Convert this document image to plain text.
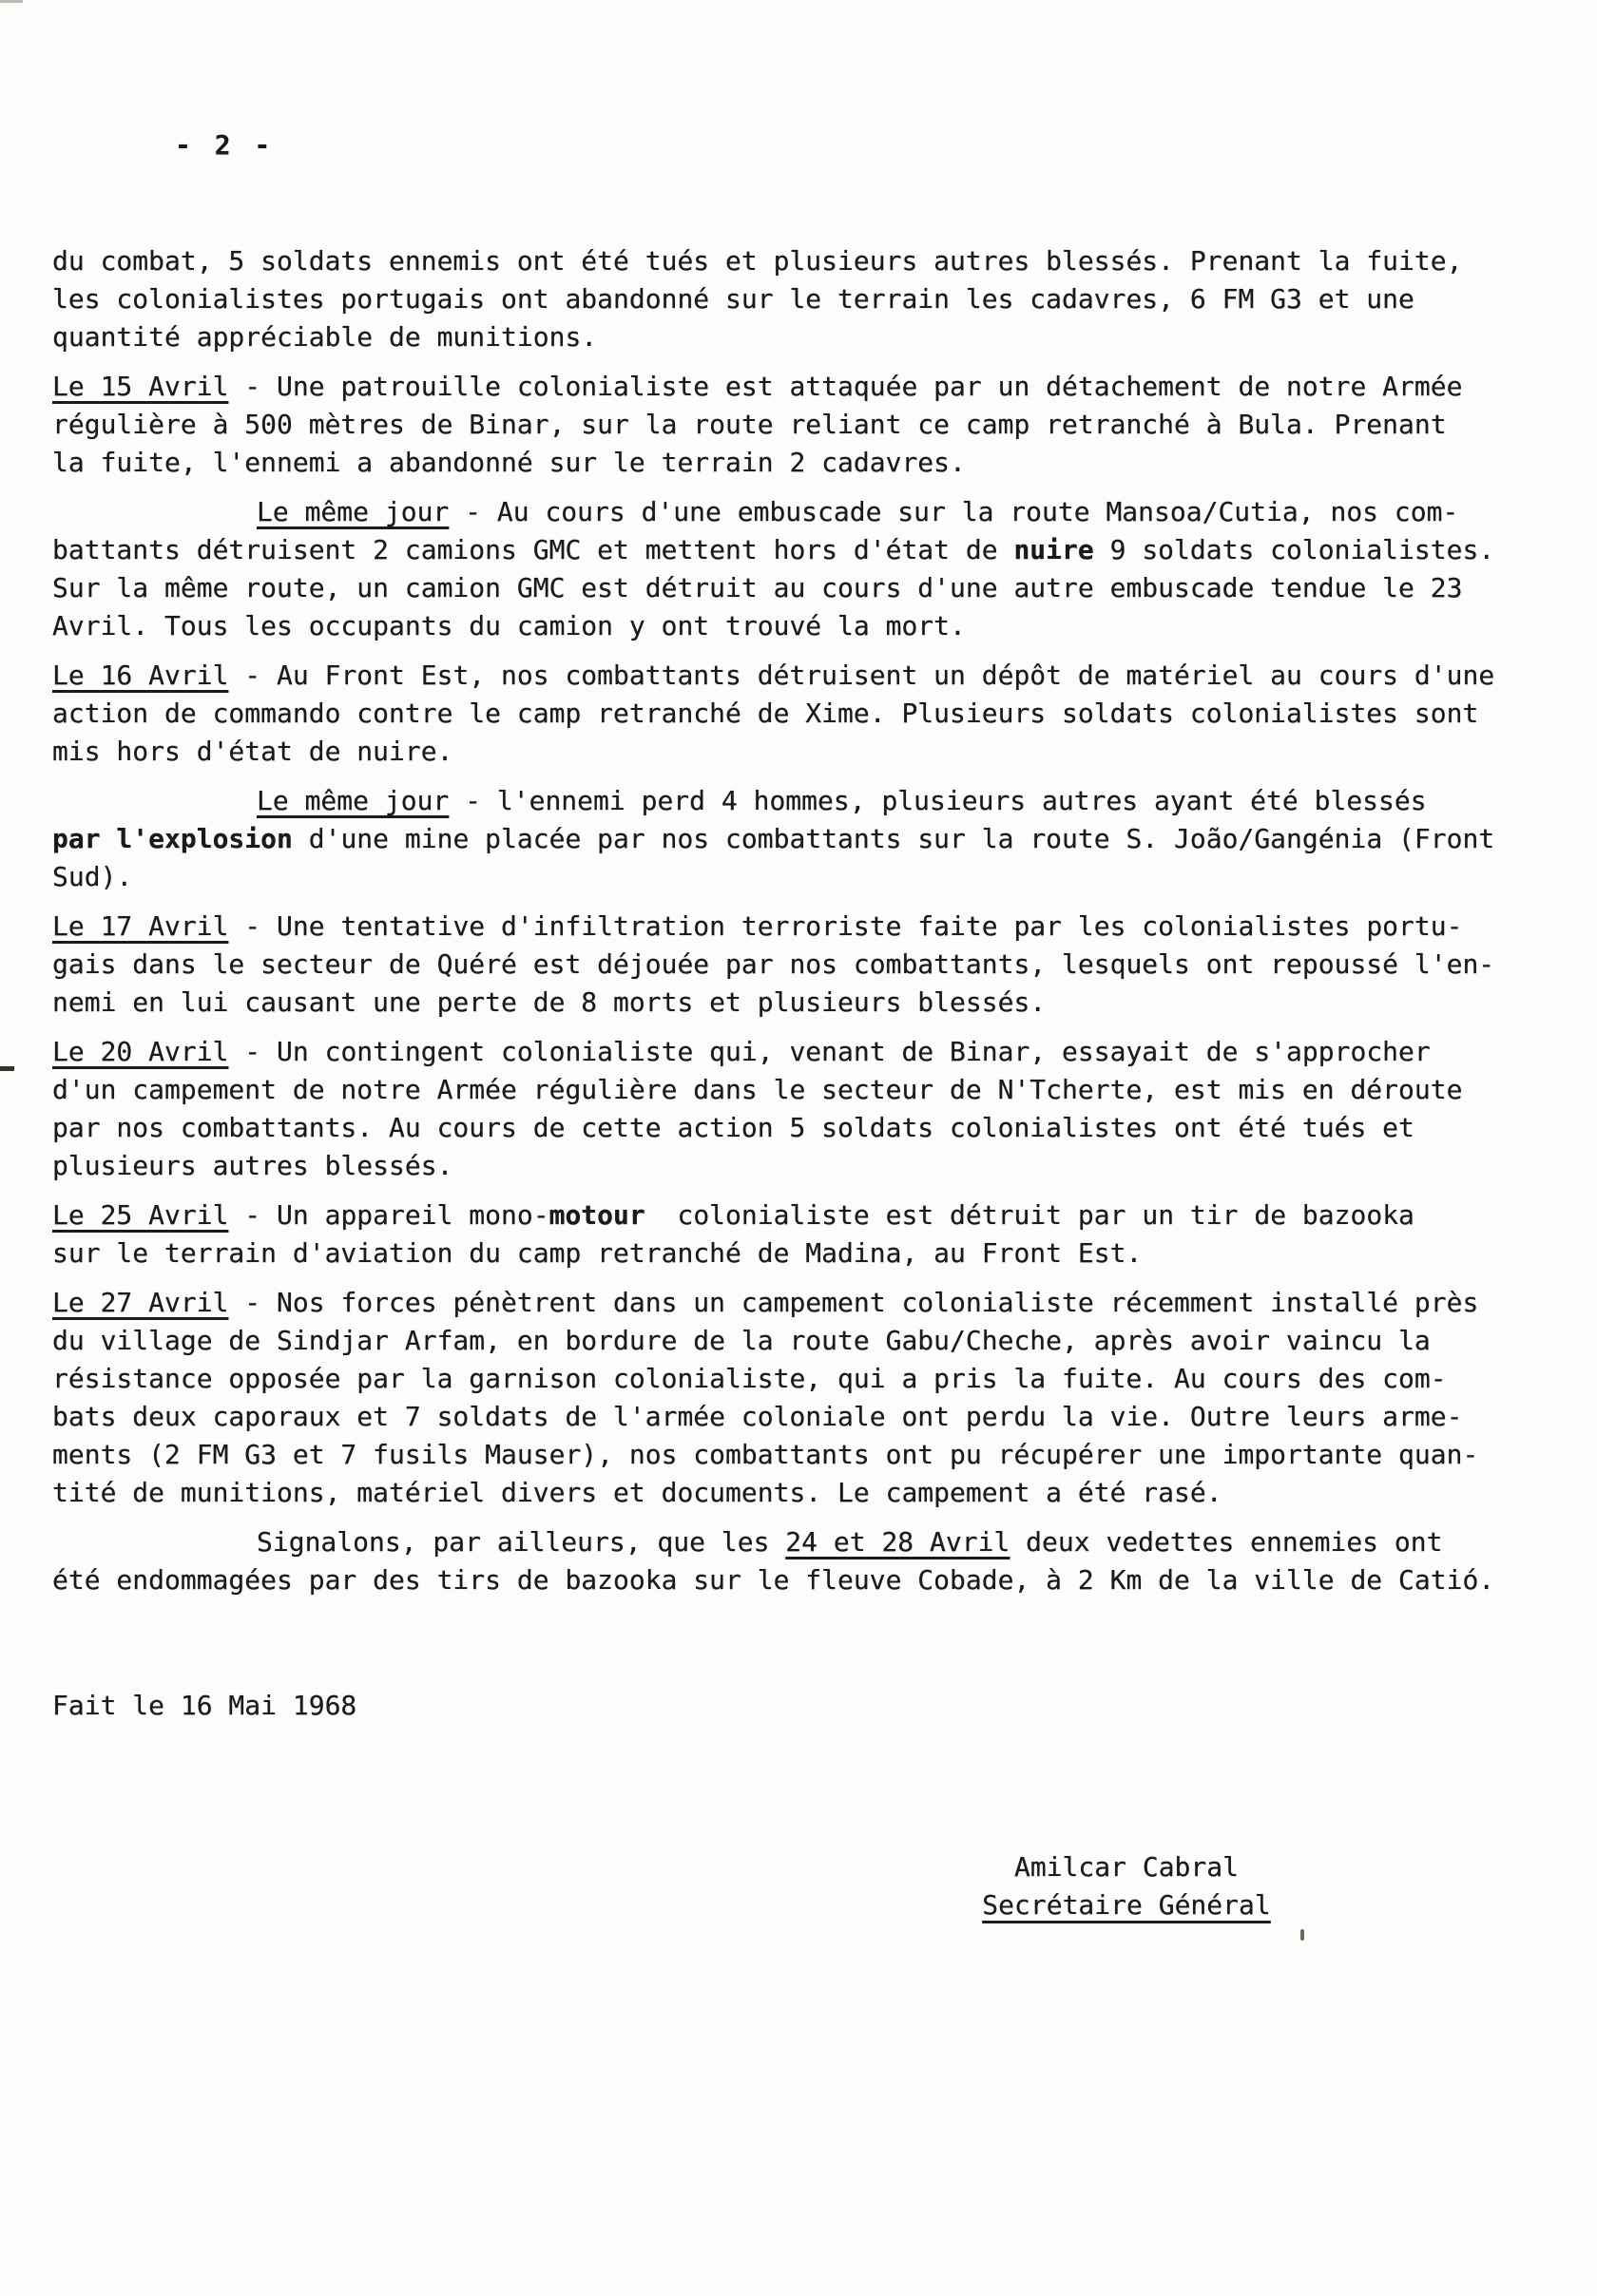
- 2 -
du combat, 5 soldats ennemis ont été tués et plusieurs autres blessés. Prenant la fuite,
les colonialistes portugais ont abandonné sur le terrain les cadavres, 6 FM G3 et une
quantité appréciable de munitions.
Le 15 Avril - Une patrouille colonialiste est attaquée par un détachement de notre Armée
régulière à 500 mètres de Binar, sur la route reliant ce camp retranché à Bula. Prenant
la fuite, l'ennemi a abandonné sur le terrain 2 cadavres.
Le même jour - Au cours d'une embuscade sur la route Mansoa/Cutia, nos com-
battants détruisent 2 camions GMC et mettent hors d'état de nuire 9 soldats colonialistes.
Sur la même route, un camion GMC est détruit au cours d'une autre embuscade tendue le 23
Avril. Tous les occupants du camion y ont trouvé la mort.
Le 16 Avril - Au Front Est, nos combattants détruisent un dépôt de matériel au cours d'une
action de commando contre le camp retranché de Xime. Plusieurs soldats colonialistes sont
mis hors d'état de nuire.
Le même jour - l'ennemi perd 4 hommes, plusieurs autres ayant été blessés
par l'explosion d'une mine placée par nos combattants sur la route S. João/Gangénia (Front
Sud).
Le 17 Avril - Une tentative d'infiltration terroriste faite par les colonialistes portu-
gais dans le secteur de Quéré est déjouée par nos combattants, lesquels ont repoussé l'en-
nemi en lui causant une perte de 8 morts et plusieurs blessés.
Le 20 Avril - Un contingent colonialiste qui, venant de Binar, essayait de s'approcher
d'un campement de notre Armée régulière dans le secteur de N'Tcherte, est mis en déroute
par nos combattants. Au cours de cette action 5 soldats colonialistes ont été tués et
plusieurs autres blessés.
Le 25 Avril - Un appareil mono-motour  colonialiste est détruit par un tir de bazooka
sur le terrain d'aviation du camp retranché de Madina, au Front Est.
Le 27 Avril - Nos forces pénètrent dans un campement colonialiste récemment installé près
du village de Sindjar Arfam, en bordure de la route Gabu/Cheche, après avoir vaincu la
résistance opposée par la garnison colonialiste, qui a pris la fuite. Au cours des com-
bats deux caporaux et 7 soldats de l'armée coloniale ont perdu la vie. Outre leurs arme-
ments (2 FM G3 et 7 fusils Mauser), nos combattants ont pu récupérer une importante quan-
tité de munitions, matériel divers et documents. Le campement a été rasé.
Signalons, par ailleurs, que les 24 et 28 Avril deux vedettes ennemies ont
été endommagées par des tirs de bazooka sur le fleuve Cobade, à 2 Km de la ville de Catió.
Fait le 16 Mai 1968
Amilcar Cabral
Secrétaire Général
